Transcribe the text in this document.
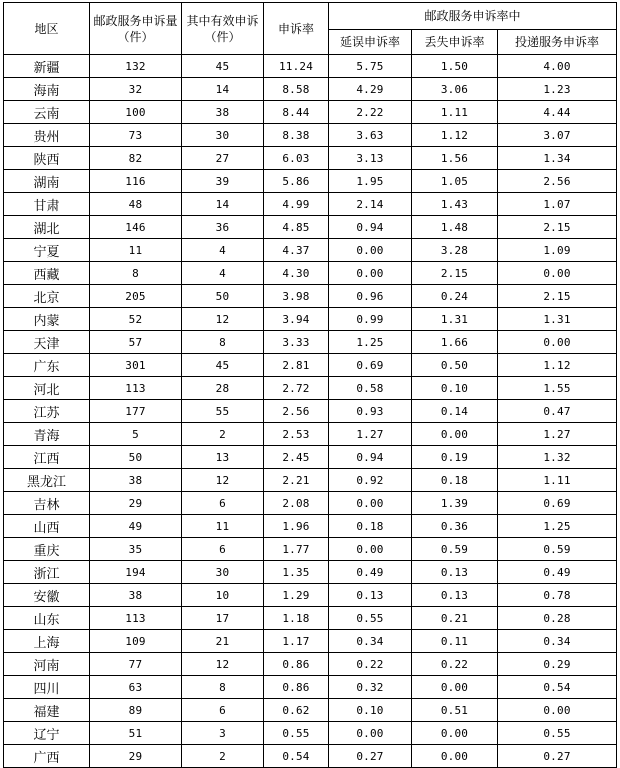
地区	邮政服务申诉量（件）	其中有效申诉（件）	申诉率	邮政服务申诉率中		
				延误申诉率	丢失申诉率	投递服务申诉率
新疆	132	45	11.24	5.75	1.50	4.00
海南	32	14	8.58	4.29	3.06	1.23
云南	100	38	8.44	2.22	1.11	4.44
贵州	73	30	8.38	3.63	1.12	3.07
陕西	82	27	6.03	3.13	1.56	1.34
湖南	116	39	5.86	1.95	1.05	2.56
甘肃	48	14	4.99	2.14	1.43	1.07
湖北	146	36	4.85	0.94	1.48	2.15
宁夏	11	4	4.37	0.00	3.28	1.09
西藏	8	4	4.30	0.00	2.15	0.00
北京	205	50	3.98	0.96	0.24	2.15
内蒙	52	12	3.94	0.99	1.31	1.31
天津	57	8	3.33	1.25	1.66	0.00
广东	301	45	2.81	0.69	0.50	1.12
河北	113	28	2.72	0.58	0.10	1.55
江苏	177	55	2.56	0.93	0.14	0.47
青海	5	2	2.53	1.27	0.00	1.27
江西	50	13	2.45	0.94	0.19	1.32
黑龙江	38	12	2.21	0.92	0.18	1.11
吉林	29	6	2.08	0.00	1.39	0.69
山西	49	11	1.96	0.18	0.36	1.25
重庆	35	6	1.77	0.00	0.59	0.59
浙江	194	30	1.35	0.49	0.13	0.49
安徽	38	10	1.29	0.13	0.13	0.78
山东	113	17	1.18	0.55	0.21	0.28
上海	109	21	1.17	0.34	0.11	0.34
河南	77	12	0.86	0.22	0.22	0.29
四川	63	8	0.86	0.32	0.00	0.54
福建	89	6	0.62	0.10	0.51	0.00
辽宁	51	3	0.55	0.00	0.00	0.55
广西	29	2	0.54	0.27	0.00	0.27
